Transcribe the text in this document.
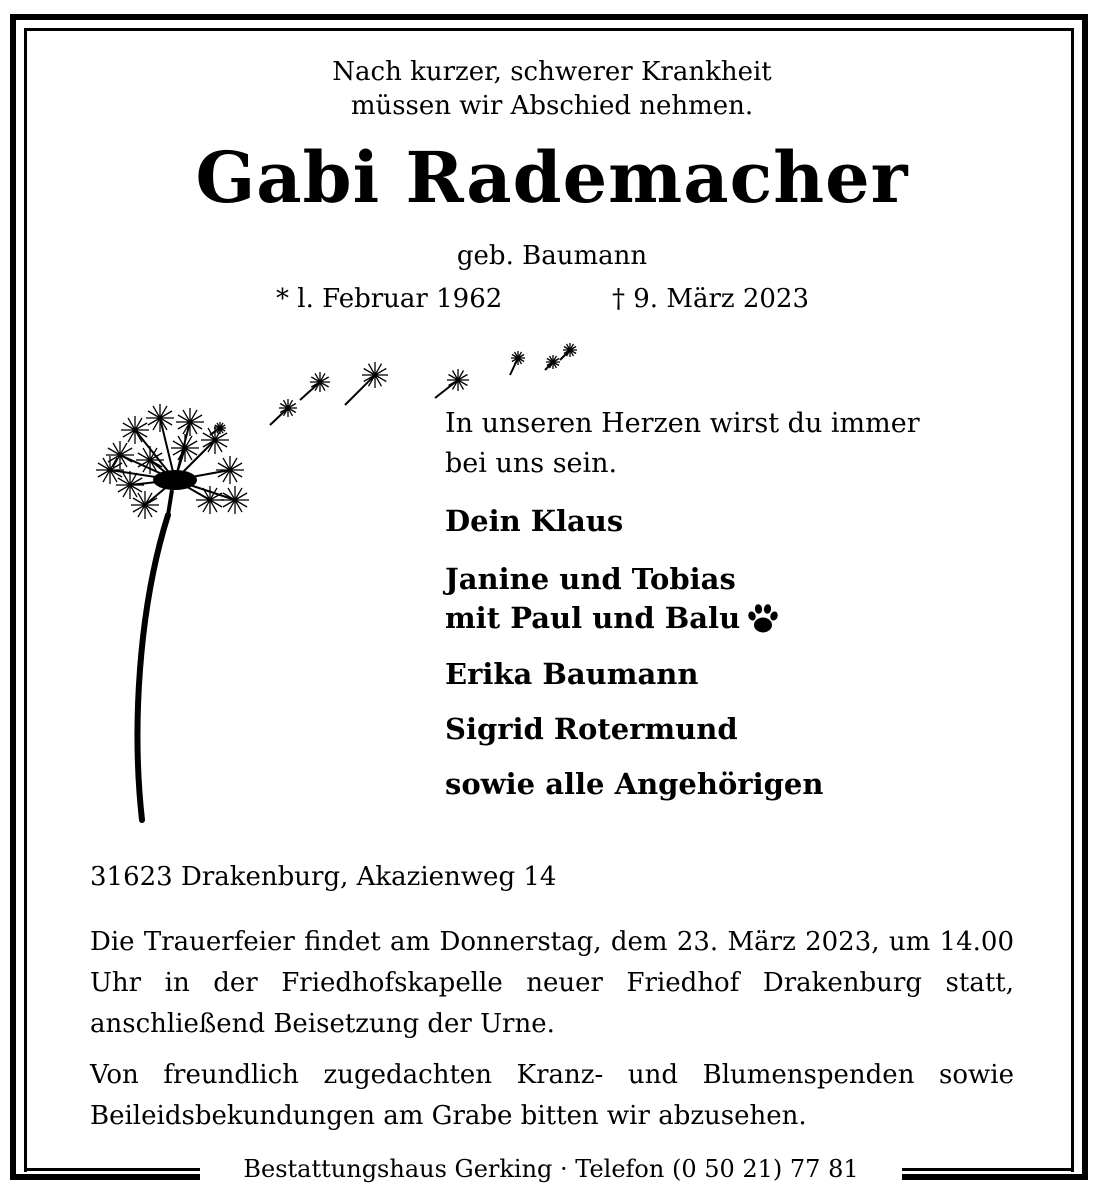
Nach kurzer, schwerer Krankheit
müssen wir Abschied nehmen.
Gabi Rademacher
geb. Baumann
* l. Februar 1962	† 9. März 2023
In unseren Herzen wirst du immer
bei uns sein.
Dein Klaus
Janine und Tobias
mit Paul und Balu
Erika Baumann
Sigrid Rotermund
sowie alle Angehörigen
31623 Drakenburg, Akazienweg 14
Die Trauerfeier findet am Donnerstag, dem 23. März 2023, um 14.00 Uhr in der Friedhofskapelle neuer Friedhof Drakenburg statt, anschließend Beisetzung der Urne.
Von freundlich zugedachten Kranz- und Blumenspenden sowie Beileidsbekundungen am Grabe bitten wir abzusehen.
Bestattungshaus Gerking · Telefon (0 50 21) 77 81
